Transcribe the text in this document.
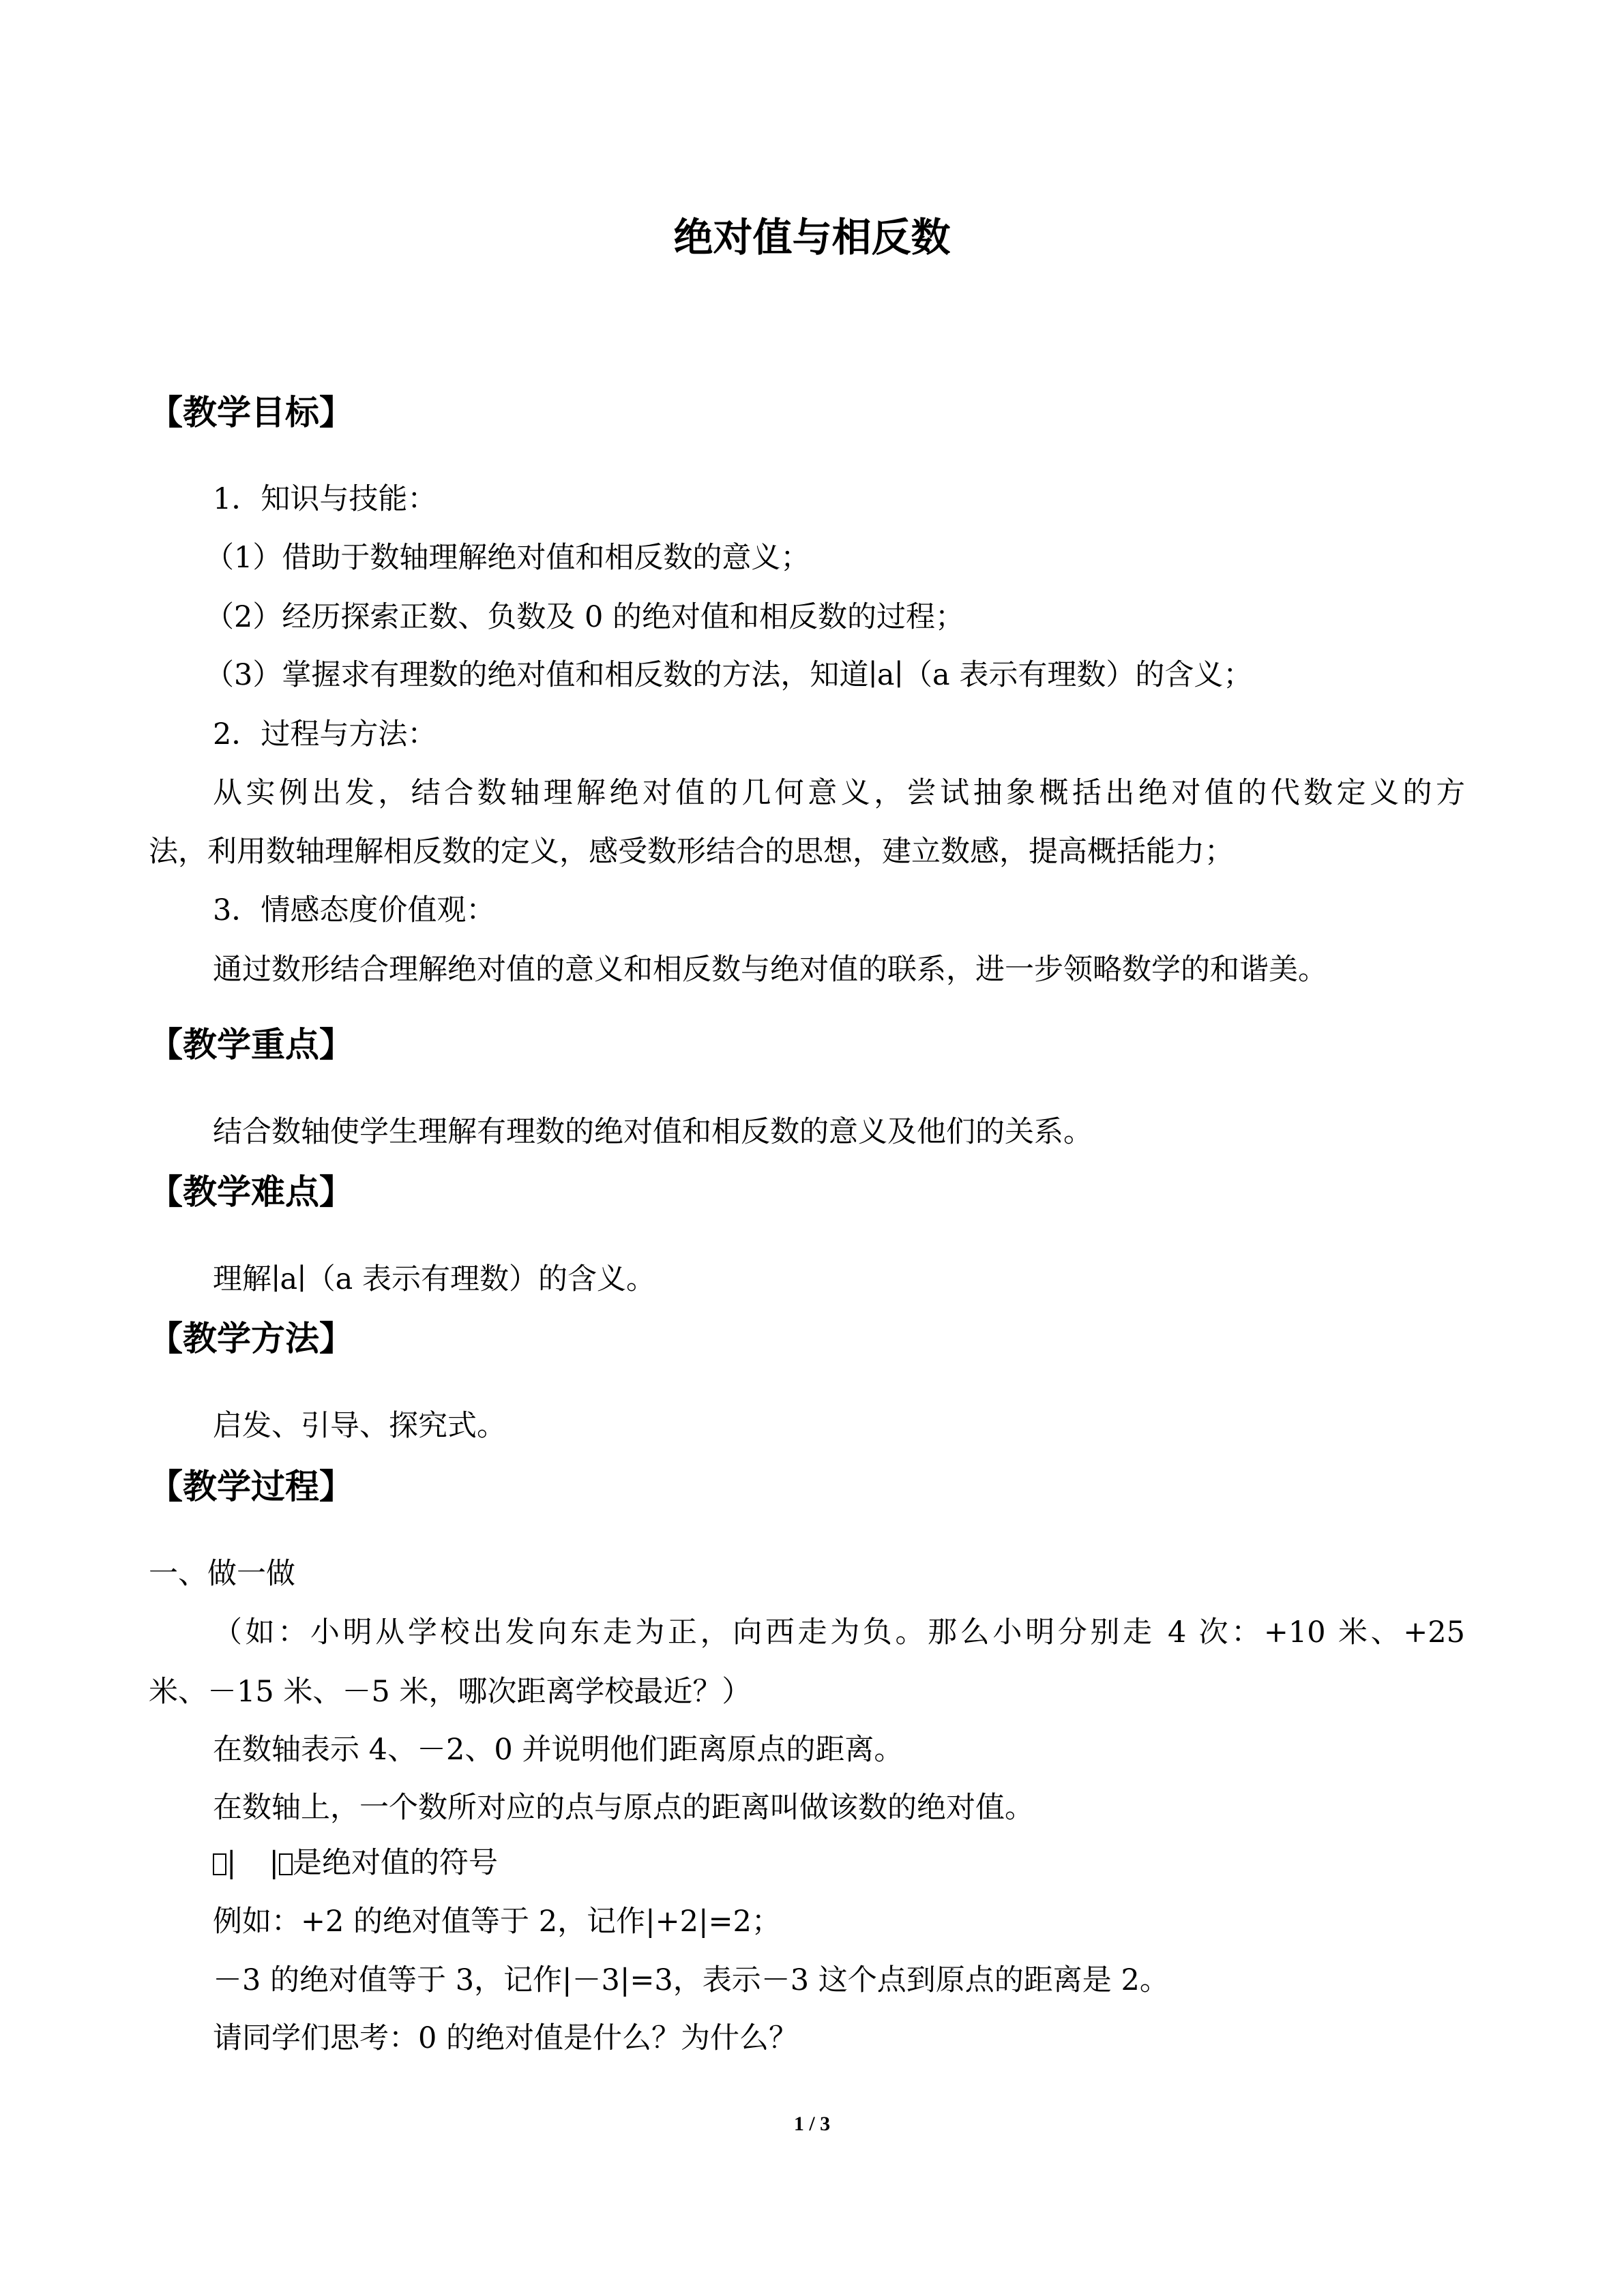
绝对值与相反数
【教学目标】

1．知识与技能：

（1）借助于数轴理解绝对值和相反数的意义；

（2）经历探索正数、负数及 0 的绝对值和相反数的过程；

（3）掌握求有理数的绝对值和相反数的方法，知道∣a∣（a 表示有理数）的含义；

2．过程与方法：

从实例出发，结合数轴理解绝对值的几何意义，尝试抽象概括出绝对值的代数定义的方

法，利用数轴理解相反数的定义，感受数形结合的思想，建立数感，提高概括能力；

3．情感态度价值观：

通过数形结合理解绝对值的意义和相反数与绝对值的联系，进一步领略数学的和谐美。

【教学重点】

结合数轴使学生理解有理数的绝对值和相反数的意义及他们的关系。

【教学难点】

理解∣a∣（a 表示有理数）的含义。

【教学方法】

启发、引导、探究式。

【教学过程】

一、做一做

（如：小明从学校出发向东走为正，向西走为负。那么小明分别走 4 次：+10 米、+25

米、－15 米、－5 米，哪次距离学校最近？）

在数轴表示 4、－2、0 并说明他们距离原点的距离。

在数轴上，一个数所对应的点与原点的距离叫做该数的绝对值。

| | 是绝对值的符号

例如：+2 的绝对值等于 2，记作|+2|=2；

－3 的绝对值等于 3，记作|－3|=3，表示－3 这个点到原点的距离是 2。

请同学们思考：0 的绝对值是什么？为什么？

1 / 3
